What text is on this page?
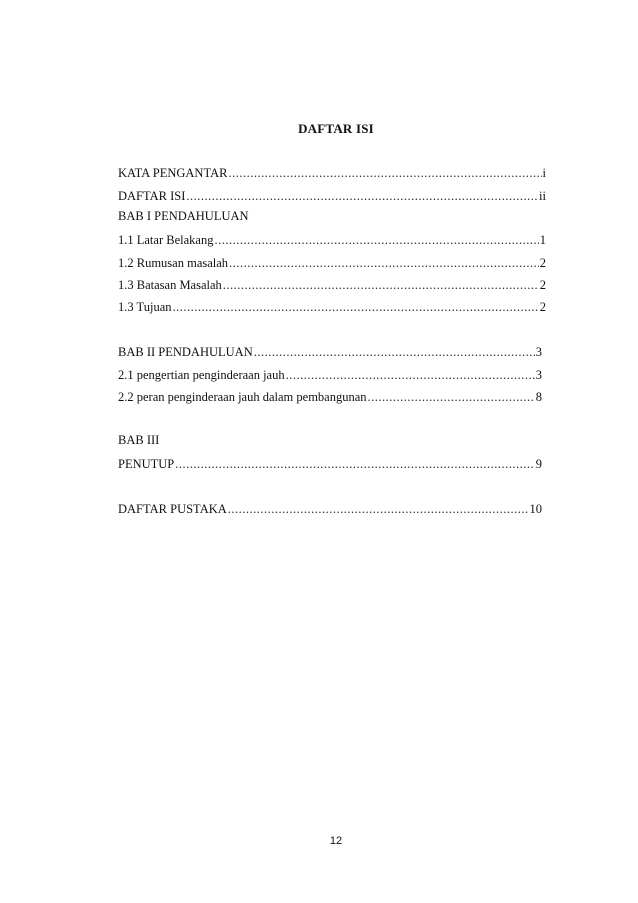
DAFTAR ISI
KATA PENGANTAR .....	i
DAFTAR ISI .....	ii
BAB I PENDAHULUAN
1.1 Latar Belakang .....	1
1.2 Rumusan masalah .....	2
1.3 Batasan Masalah .....	2
1.3 Tujuan .....	2
BAB II PENDAHULUAN .....	3
2.1 pengertian penginderaan jauh .....	3
2.2 peran penginderaan jauh dalam pembangunan .....	8
BAB III
PENUTUP .....	9
DAFTAR PUSTAKA .....	10
12
